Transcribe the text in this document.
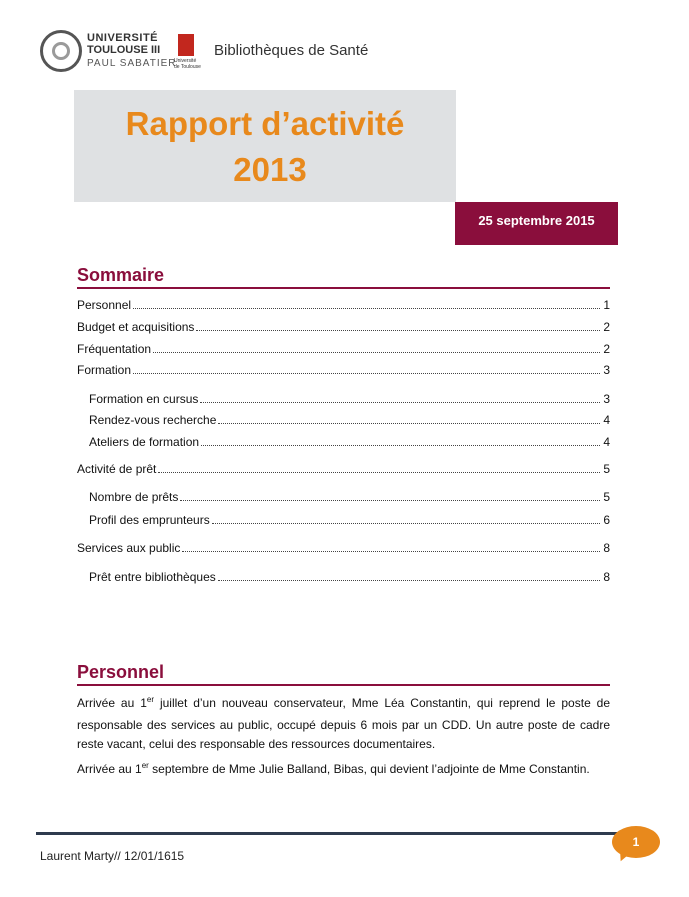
UNIVERSITÉ
TOULOUSE III
PAUL SABATIER
Université de Toulouse
Bibliothèques de Santé
Rapport d’activité
2013
25 septembre 2015
Sommaire
Personnel	1
Budget et acquisitions	2
Fréquentation	2
Formation	3
Formation en cursus	3
Rendez-vous recherche	4
Ateliers de formation	4
Activité de prêt	5
Nombre de prêts	5
Profil des emprunteurs	6
Services aux public	8
Prêt entre bibliothèques	8
Personnel
Arrivée au 1er juillet d’un nouveau conservateur, Mme Léa Constantin, qui reprend le poste de
responsable des services au public, occupé depuis 6 mois par un CDD. Un autre poste de cadre
reste vacant, celui des responsable des ressources documentaires.
Arrivée au 1er septembre de Mme Julie Balland, Bibas, qui devient l’adjointe de Mme Constantin.
Laurent Marty// 12/01/1615
1
